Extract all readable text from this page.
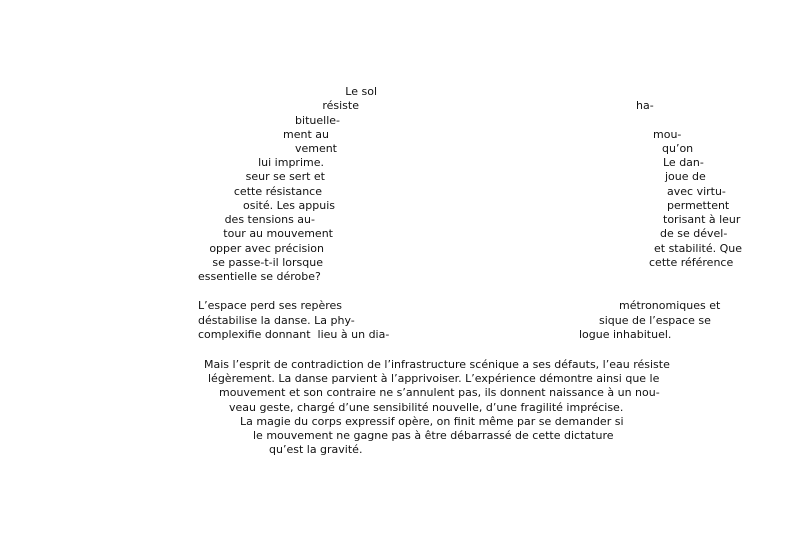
Le sol
résiste
bituelle-
ment au
vement
lui imprime.
seur se sert et
cette résistance
osité. Les appuis
des tensions au-
tour au mouvement
opper avec précision
se passe-t-il lorsque
essentielle se dérobe?
ha-
mou-
qu’on
Le dan-
joue de
avec virtu-
permettent
torisant à leur
de se dével-
et stabilité. Que
cette référence
L’espace perd ses repères
déstabilise la danse. La phy-
complexifie donnant  lieu à un dia-
métronomiques et
sique de l’espace se
logue inhabituel.
Mais l’esprit de contradiction de l’infrastructure scénique a ses défauts, l’eau résiste
légèrement. La danse parvient à l’apprivoiser. L’expérience démontre ainsi que le
mouvement et son contraire ne s’annulent pas, ils donnent naissance à un nou-
veau geste, chargé d’une sensibilité nouvelle, d’une fragilité imprécise.
La magie du corps expressif opère, on finit même par se demander si
le mouvement ne gagne pas à être débarrassé de cette dictature
qu’est la gravité.
